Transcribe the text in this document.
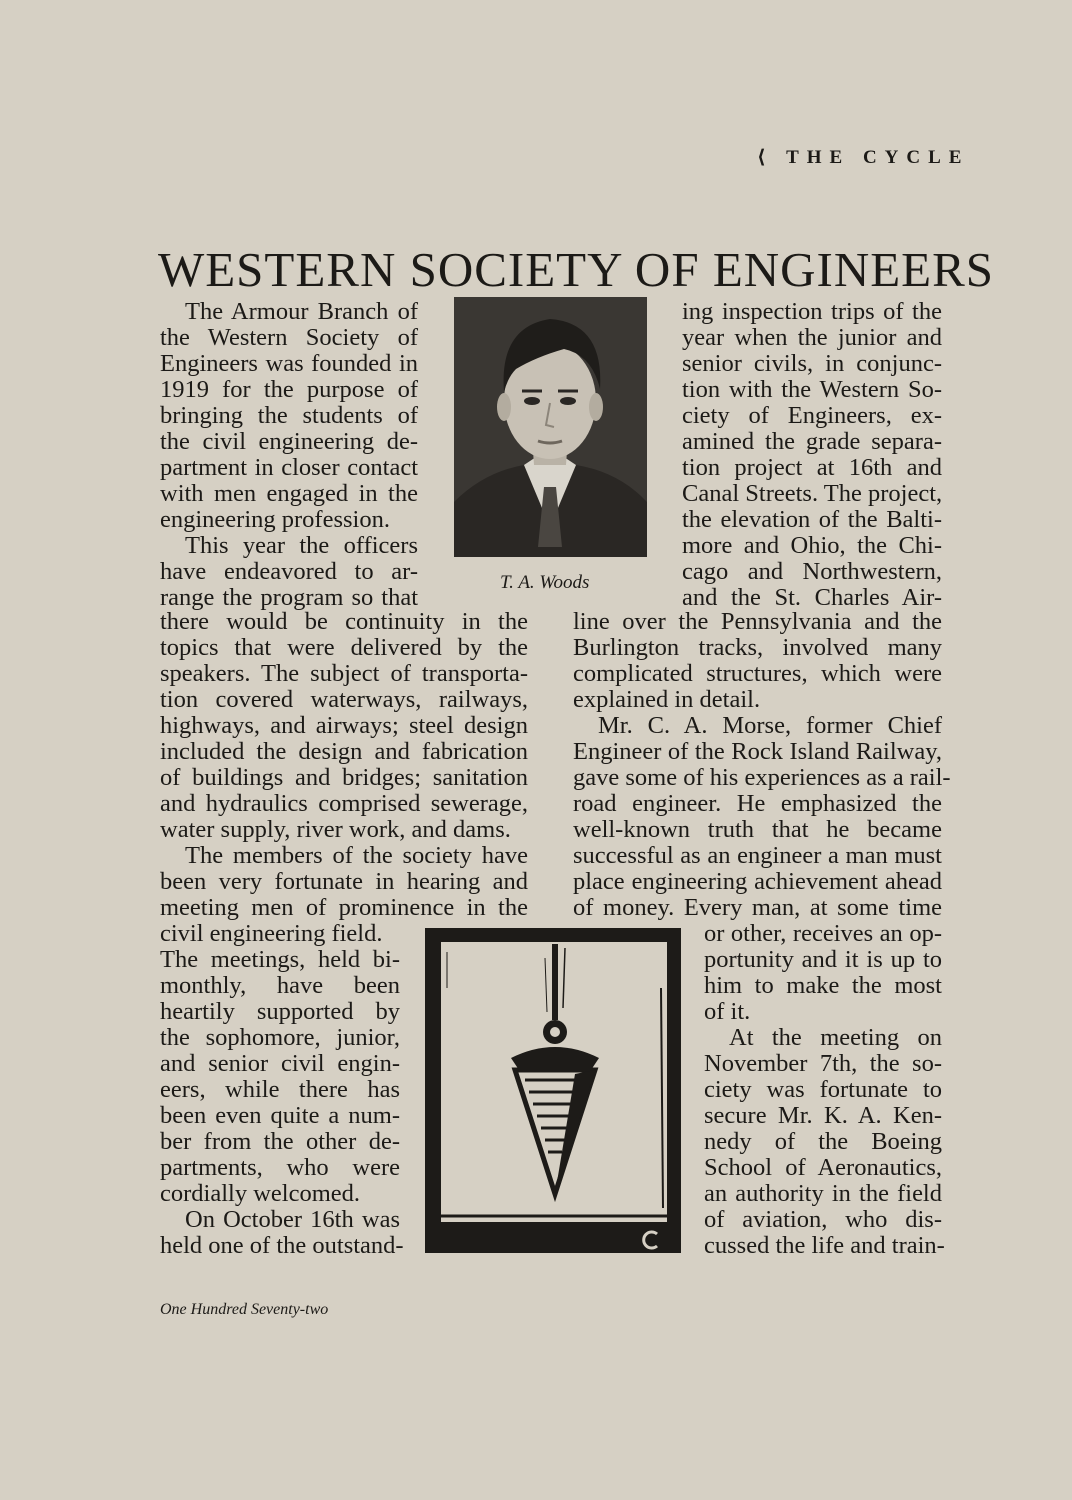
⟨ THE CYCLE
WESTERN SOCIETY OF ENGINEERS
T. A. Woods
The Armour Branch of
the Western Society of
Engineers was founded in
1919 for the purpose of
bringing the students of
the civil engineering de-
partment in closer contact
with men engaged in the
engineering profession.
This year the officers
have endeavored to ar-
range the program so that
there would be continuity in the
topics that were delivered by the
speakers. The subject of transporta-
tion covered waterways, railways,
highways, and airways; steel design
included the design and fabrication
of buildings and bridges; sanitation
and hydraulics comprised sewerage,
water supply, river work, and dams.
The members of the society have
been very fortunate in hearing and
meeting men of prominence in the
civil engineering field.
The meetings, held bi-
monthly, have been
heartily supported by
the sophomore, junior,
and senior civil engin-
eers, while there has
been even quite a num-
ber from the other de-
partments, who were
cordially welcomed.
On October 16th was
held one of the outstand-
ing inspection trips of the
year when the junior and
senior civils, in conjunc-
tion with the Western So-
ciety of Engineers, ex-
amined the grade separa-
tion project at 16th and
Canal Streets. The project,
the elevation of the Balti-
more and Ohio, the Chi-
cago and Northwestern,
and the St. Charles Air-
line over the Pennsylvania and the
Burlington tracks, involved many
complicated structures, which were
explained in detail.
Mr. C. A. Morse, former Chief
Engineer of the Rock Island Railway,
gave some of his experiences as a rail-
road engineer. He emphasized the
well-known truth that he became
successful as an engineer a man must
place engineering achievement ahead
of money. Every man, at some time
or other, receives an op-
portunity and it is up to
him to make the most
of it.
At the meeting on
November 7th, the so-
ciety was fortunate to
secure Mr. K. A. Ken-
nedy of the Boeing
School of Aeronautics,
an authority in the field
of aviation, who dis-
cussed the life and train-
One Hundred Seventy-two
